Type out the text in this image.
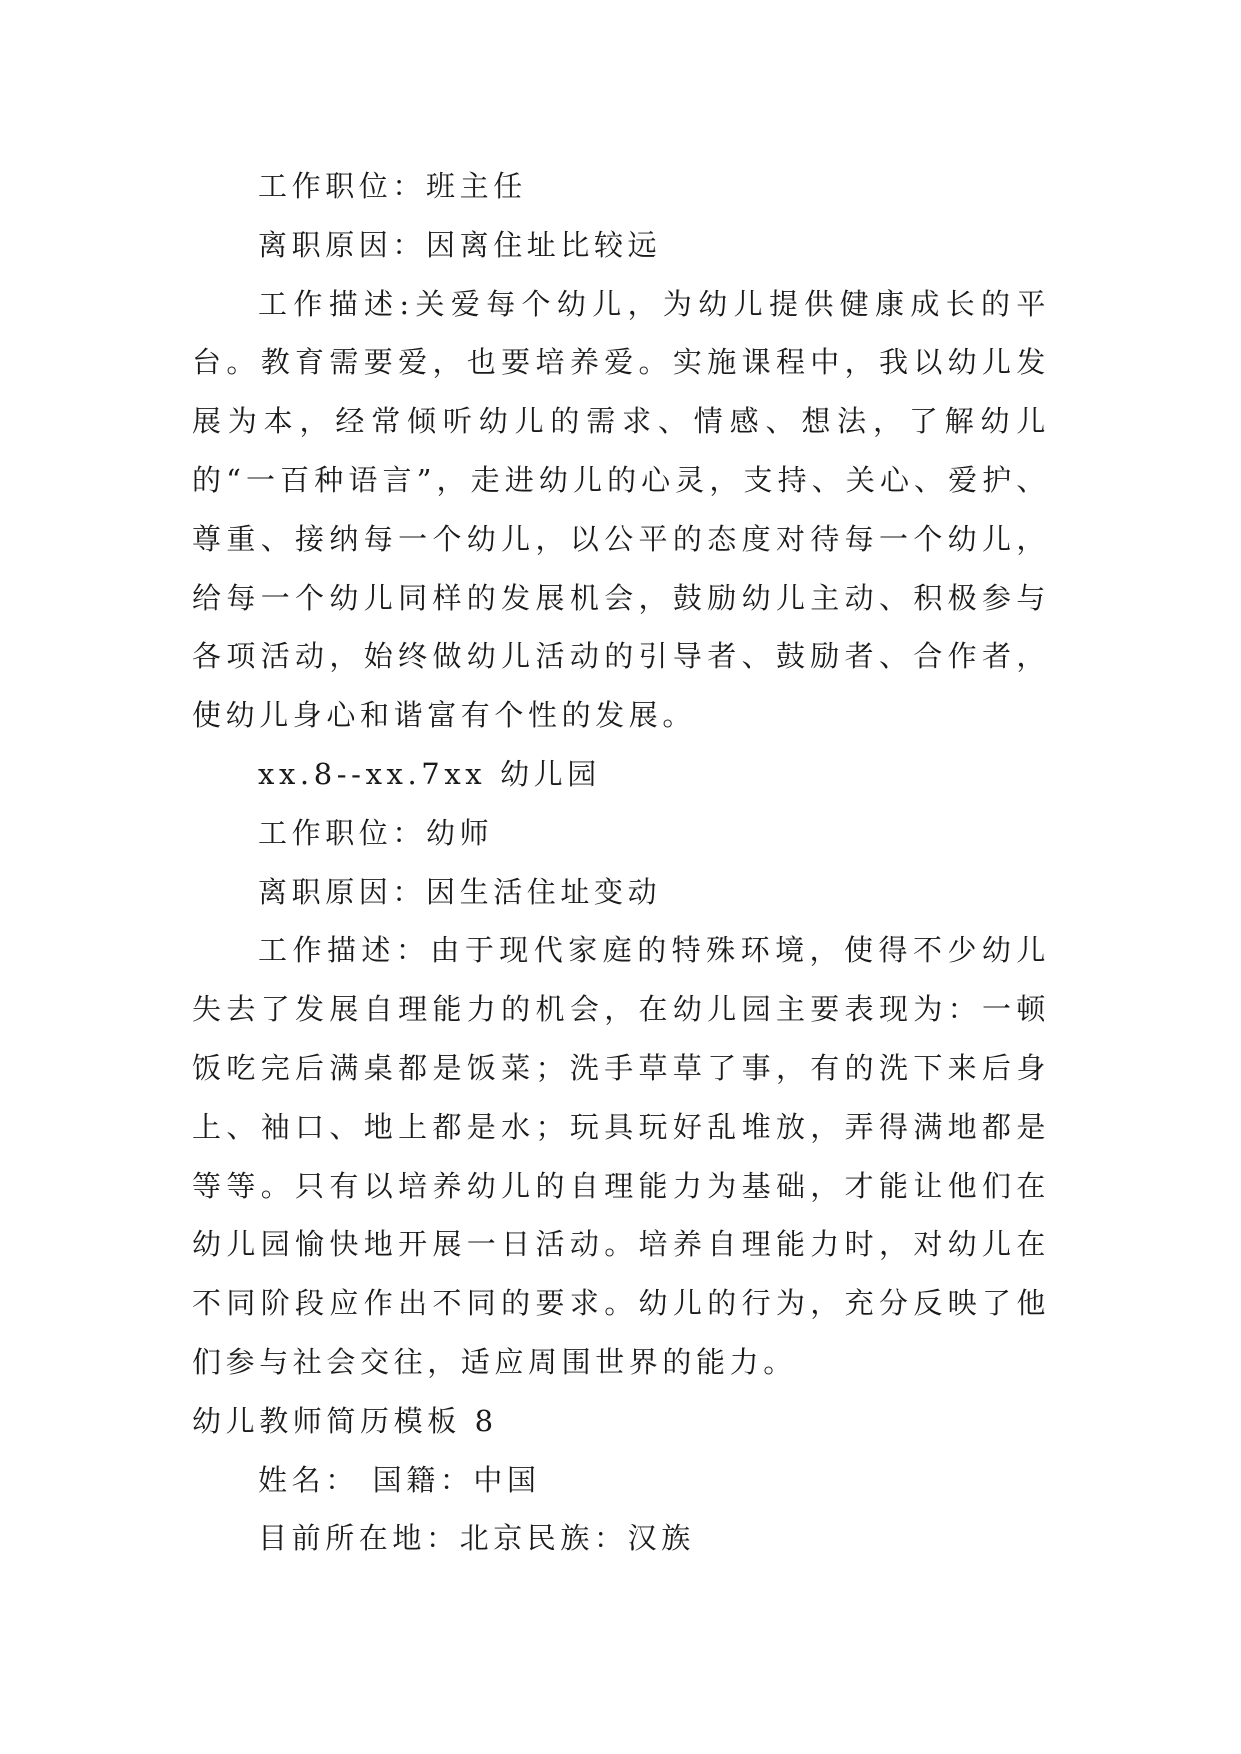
工作职位：班主任

离职原因：因离住址比较远

工作描述:关爱每个幼儿，为幼儿提供健康成长的平台。教育需要爱，也要培养爱。实施课程中，我以幼儿发展为本，经常倾听幼儿的需求、情感、想法，了解幼儿的“一百种语言”，走进幼儿的心灵，支持、关心、爱护、尊重、接纳每一个幼儿，以公平的态度对待每一个幼儿，给每一个幼儿同样的发展机会，鼓励幼儿主动、积极参与各项活动，始终做幼儿活动的引导者、鼓励者、合作者，使幼儿身心和谐富有个性的发展。

xx.8--xx.7xx 幼儿园

工作职位：幼师

离职原因：因生活住址变动

工作描述：由于现代家庭的特殊环境，使得不少幼儿失去了发展自理能力的机会，在幼儿园主要表现为：一顿饭吃完后满桌都是饭菜；洗手草草了事，有的洗下来后身上、袖口、地上都是水；玩具玩好乱堆放，弄得满地都是等等。只有以培养幼儿的自理能力为基础，才能让他们在幼儿园愉快地开展一日活动。培养自理能力时，对幼儿在不同阶段应作出不同的要求。幼儿的行为，充分反映了他们参与社会交往，适应周围世界的能力。

幼儿教师简历模板 8

姓名： 国籍：中国

目前所在地：北京民族：汉族
